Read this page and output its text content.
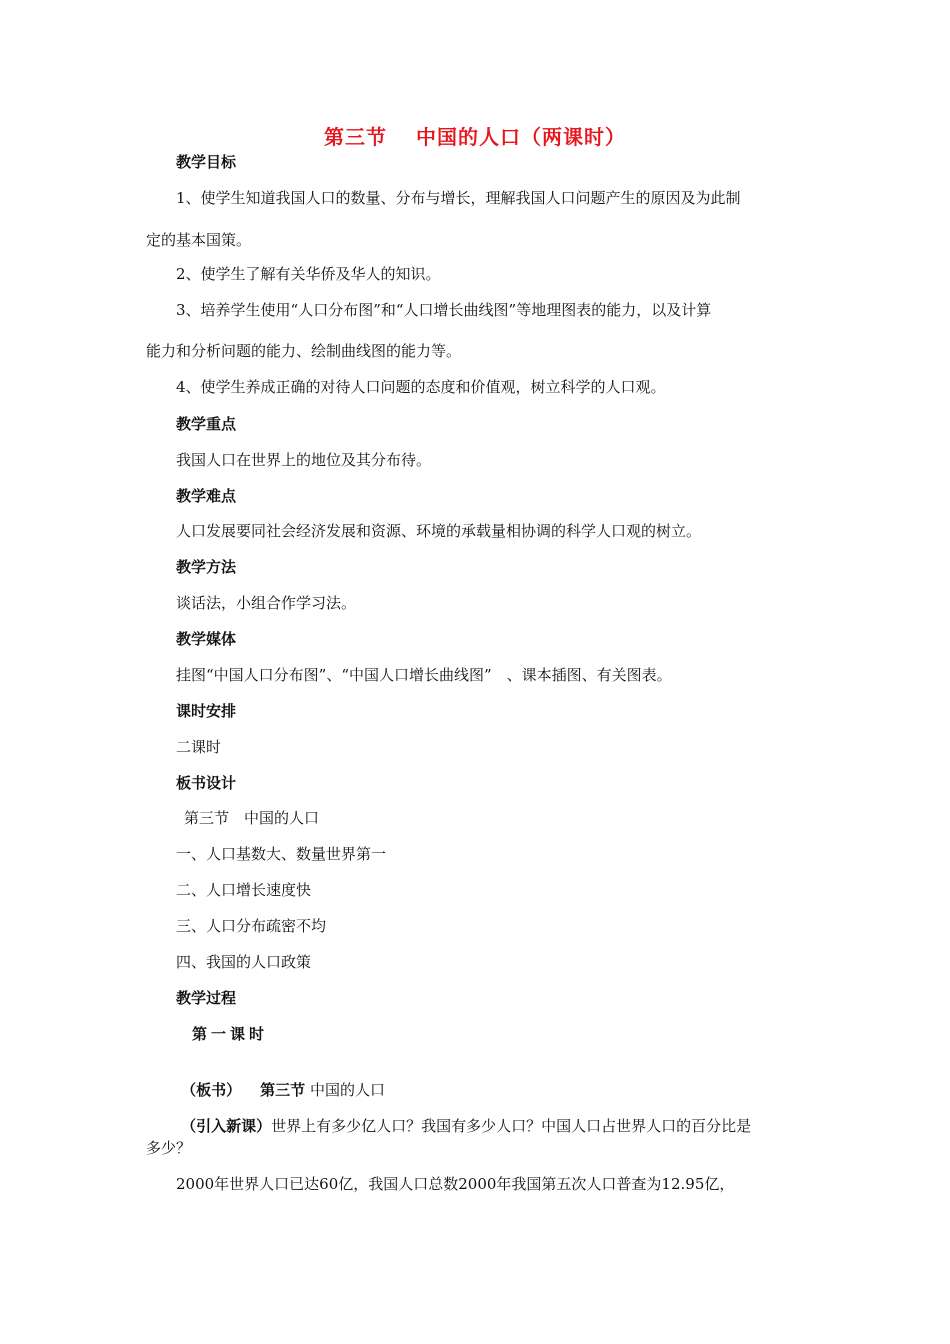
第三节　 中国的人口（两课时）
教学目标
1、使学生知道我国人口的数量、分布与增长，理解我国人口问题产生的原因及为此制
定的基本国策。
2、使学生了解有关华侨及华人的知识。
3、培养学生使用“人口分布图”和“人口增长曲线图”等地理图表的能力，以及计算
能力和分析问题的能力、绘制曲线图的能力等。
4、使学生养成正确的对待人口问题的态度和价值观，树立科学的人口观。
教学重点
我国人口在世界上的地位及其分布待。
教学难点
人口发展要同社会经济发展和资源、环境的承载量相协调的科学人口观的树立。
教学方法
谈话法，小组合作学习法。
教学媒体
挂图“中国人口分布图”、“中国人口增长曲线图”　、课本插图、有关图表。
课时安排
二课时
板书设计
第三节　中国的人口
一、人口基数大、数量世界第一
二、人口增长速度快
三、人口分布疏密不均
四、我国的人口政策
教学过程
第一课时

（板书） 第三节 中国的人口

（引入新课）世界上有多少亿人口？我国有多少人口？中国人口占世界人口的百分比是

多少？
2000年世界人口已达60亿，我国人口总数2000年我国第五次人口普查为12.95亿，
